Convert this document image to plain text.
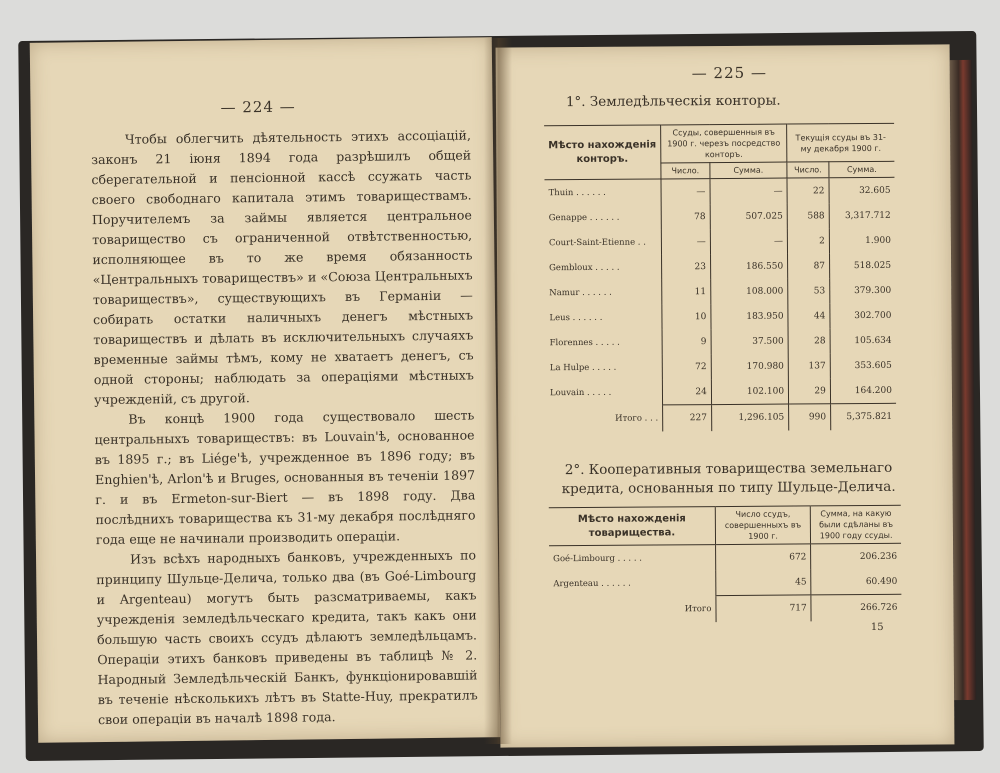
— 224 —

Чтобы облегчить дѣятельность этихъ ассоціацій, законъ 21 іюня 1894 года разрѣшилъ общей сберегательной и пенсіонной кассѣ ссужать часть своего свободнаго капитала этимъ товариществамъ. Поручителемъ за займы является центральное товарищество съ ограниченной отвѣтственностью, исполняющее въ то же время обязанность «Центральныхъ товариществъ» и «Союза Центральныхъ товариществъ», существующихъ въ Германіи — собирать остатки наличныхъ денегъ мѣстныхъ товариществъ и дѣлать въ исключительныхъ случаяхъ временные займы тѣмъ, кому не хватаетъ денегъ, съ одной стороны; наблюдать за операціями мѣстныхъ учрежденій, съ другой.

Въ концѣ 1900 года существовало шесть центральныхъ товариществъ: въ Louvain'ѣ, основанное въ 1895 г.; въ Liége'ѣ, учрежденное въ 1896 году; въ Enghien'ѣ, Arlon'ѣ и Bruges, основанныя въ теченіи 1897 г. и въ Ermeton-sur-Biert — въ 1898 году. Два послѣднихъ товарищества къ 31-му декабря послѣдняго года еще не начинали производить операціи.

Изъ всѣхъ народныхъ банковъ, учрежденныхъ по принципу Шульце-Делича, только два (въ Goé-Limbourg и Argenteau) могутъ быть разсматриваемы, какъ учрежденія земледѣльческаго кредита, такъ какъ они большую часть своихъ ссудъ дѣлаютъ земледѣльцамъ. Операціи этихъ банковъ приведены въ таблицѣ № 2. Народный Земледѣльческій Банкъ, функціонировавшій въ теченіе нѣсколькихъ лѣтъ въ Statte-Huy, прекратилъ свои операціи въ началѣ 1898 года.

— 225 —
1°. Земледѣльческія конторы.
Мѣсто нахожденія конторъ.	Ссуды, совершенныя въ 1900 г. черезъ посредство конторъ.		Текущія ссуды въ 31-му декабря 1900 г.	
	Число.	Сумма.	Число.	Сумма.
Thuin . . . . . .	—	—	22	32.605
Genappe . . . . . .	78	507.025	588	3,317.712
Court-Saint-Etienne . .	—	—	2	1.900
Gembloux . . . . .	23	186.550	87	518.025
Namur . . . . . .	11	108.000	53	379.300
Leus . . . . . .	10	183.950	44	302.700
Florennes . . . . .	9	37.500	28	105.634
La Hulpe . . . . .	72	170.980	137	353.605
Louvain . . . . .	24	102.100	29	164.200
Итого . . .	227	1,296.105	990	5,375.821
2°. Кооперативныя товарищества земельнаго кредита, основанныя по типу Шульце-Делича.
Мѣсто нахожденія товарищества.	Число ссудъ, совершенныхъ въ 1900 г.	Сумма, на какую были сдѣланы въ 1900 году ссуды.
Goé-Limbourg . . . . .	672	206.236
Argenteau . . . . . .	45	60.490
Итого	717	266.726
15
